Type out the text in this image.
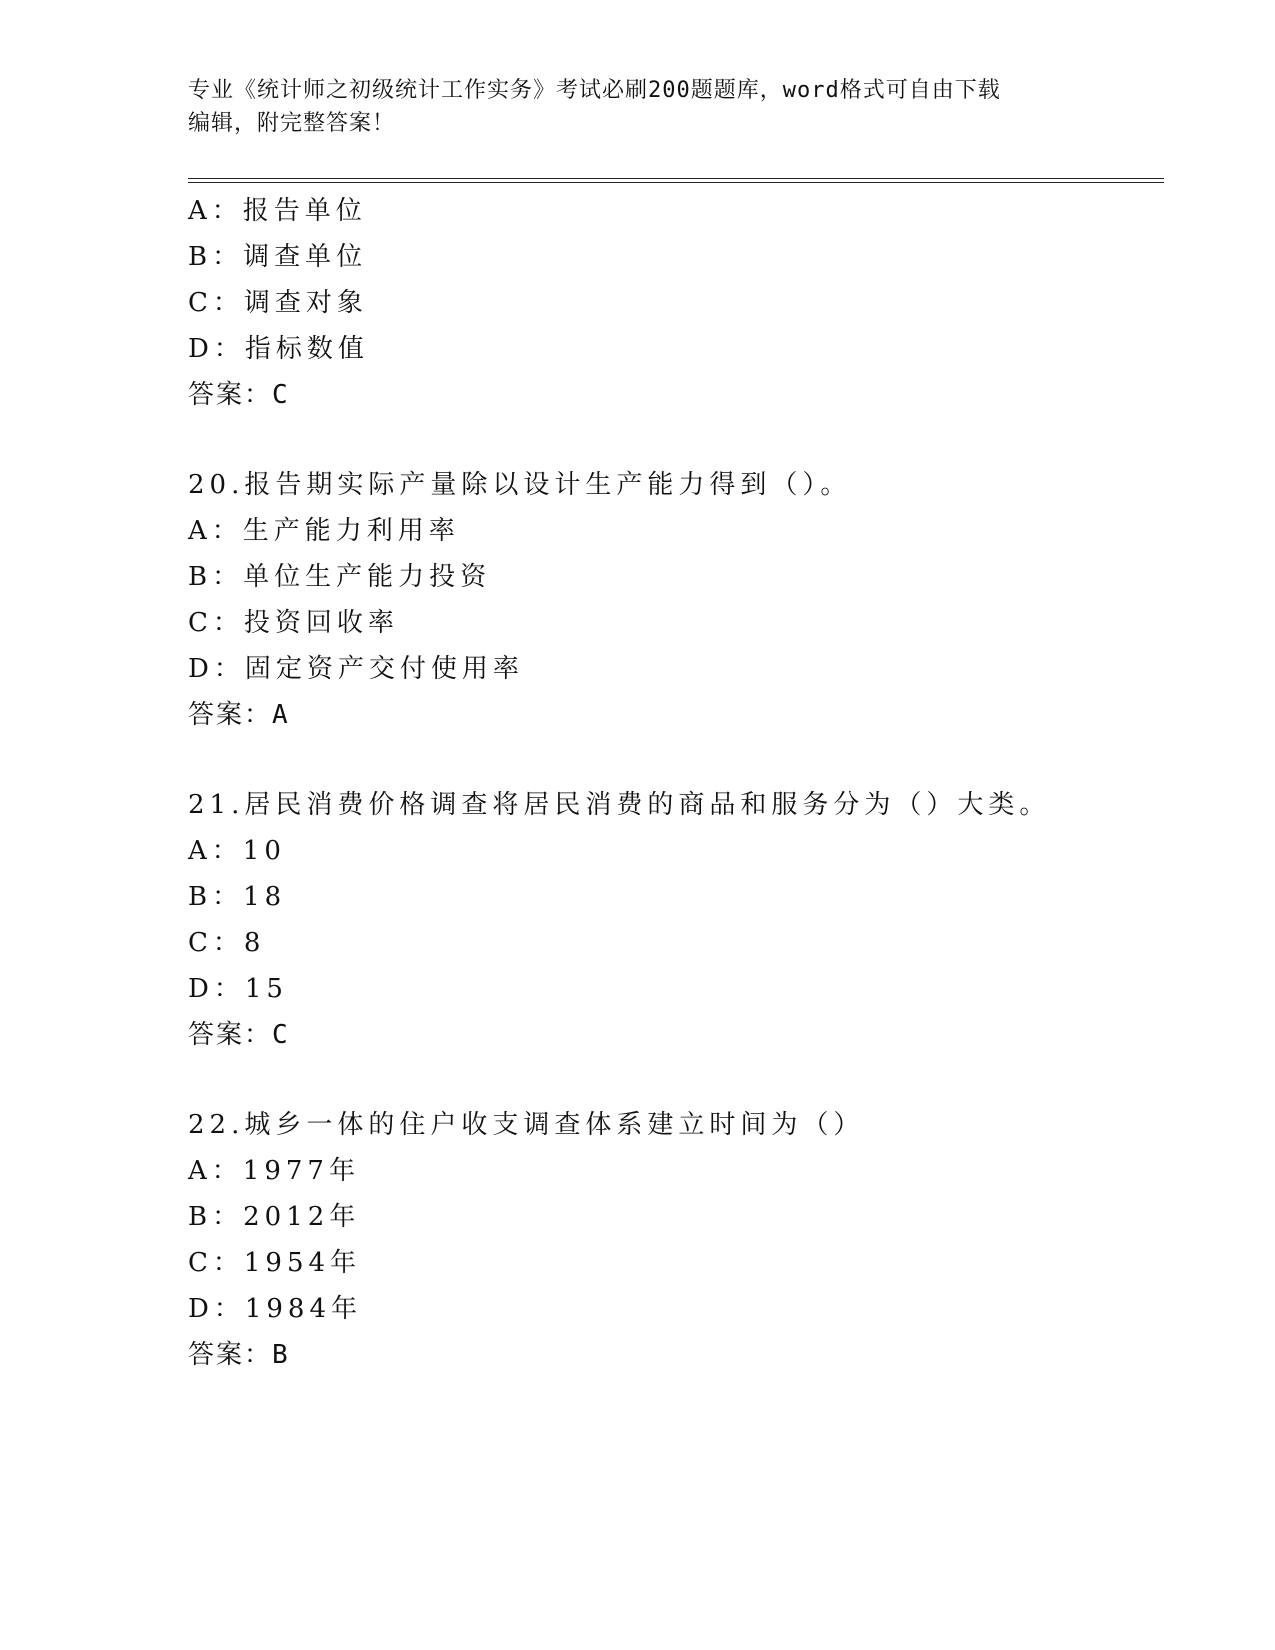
专业《统计师之初级统计工作实务》考试必刷200题题库，word格式可自由下载
编辑，附完整答案！
A：报告单位
B：调查单位
C：调查对象
D：指标数值
答案：C
20.报告期实际产量除以设计生产能力得到（）。
A：生产能力利用率
B：单位生产能力投资
C：投资回收率
D：固定资产交付使用率
答案：A
21.居民消费价格调查将居民消费的商品和服务分为（）大类。
A：10
B：18
C：8
D：15
答案：C
22.城乡一体的住户收支调查体系建立时间为（）
A：1977年
B：2012年
C：1954年
D：1984年
答案：B
